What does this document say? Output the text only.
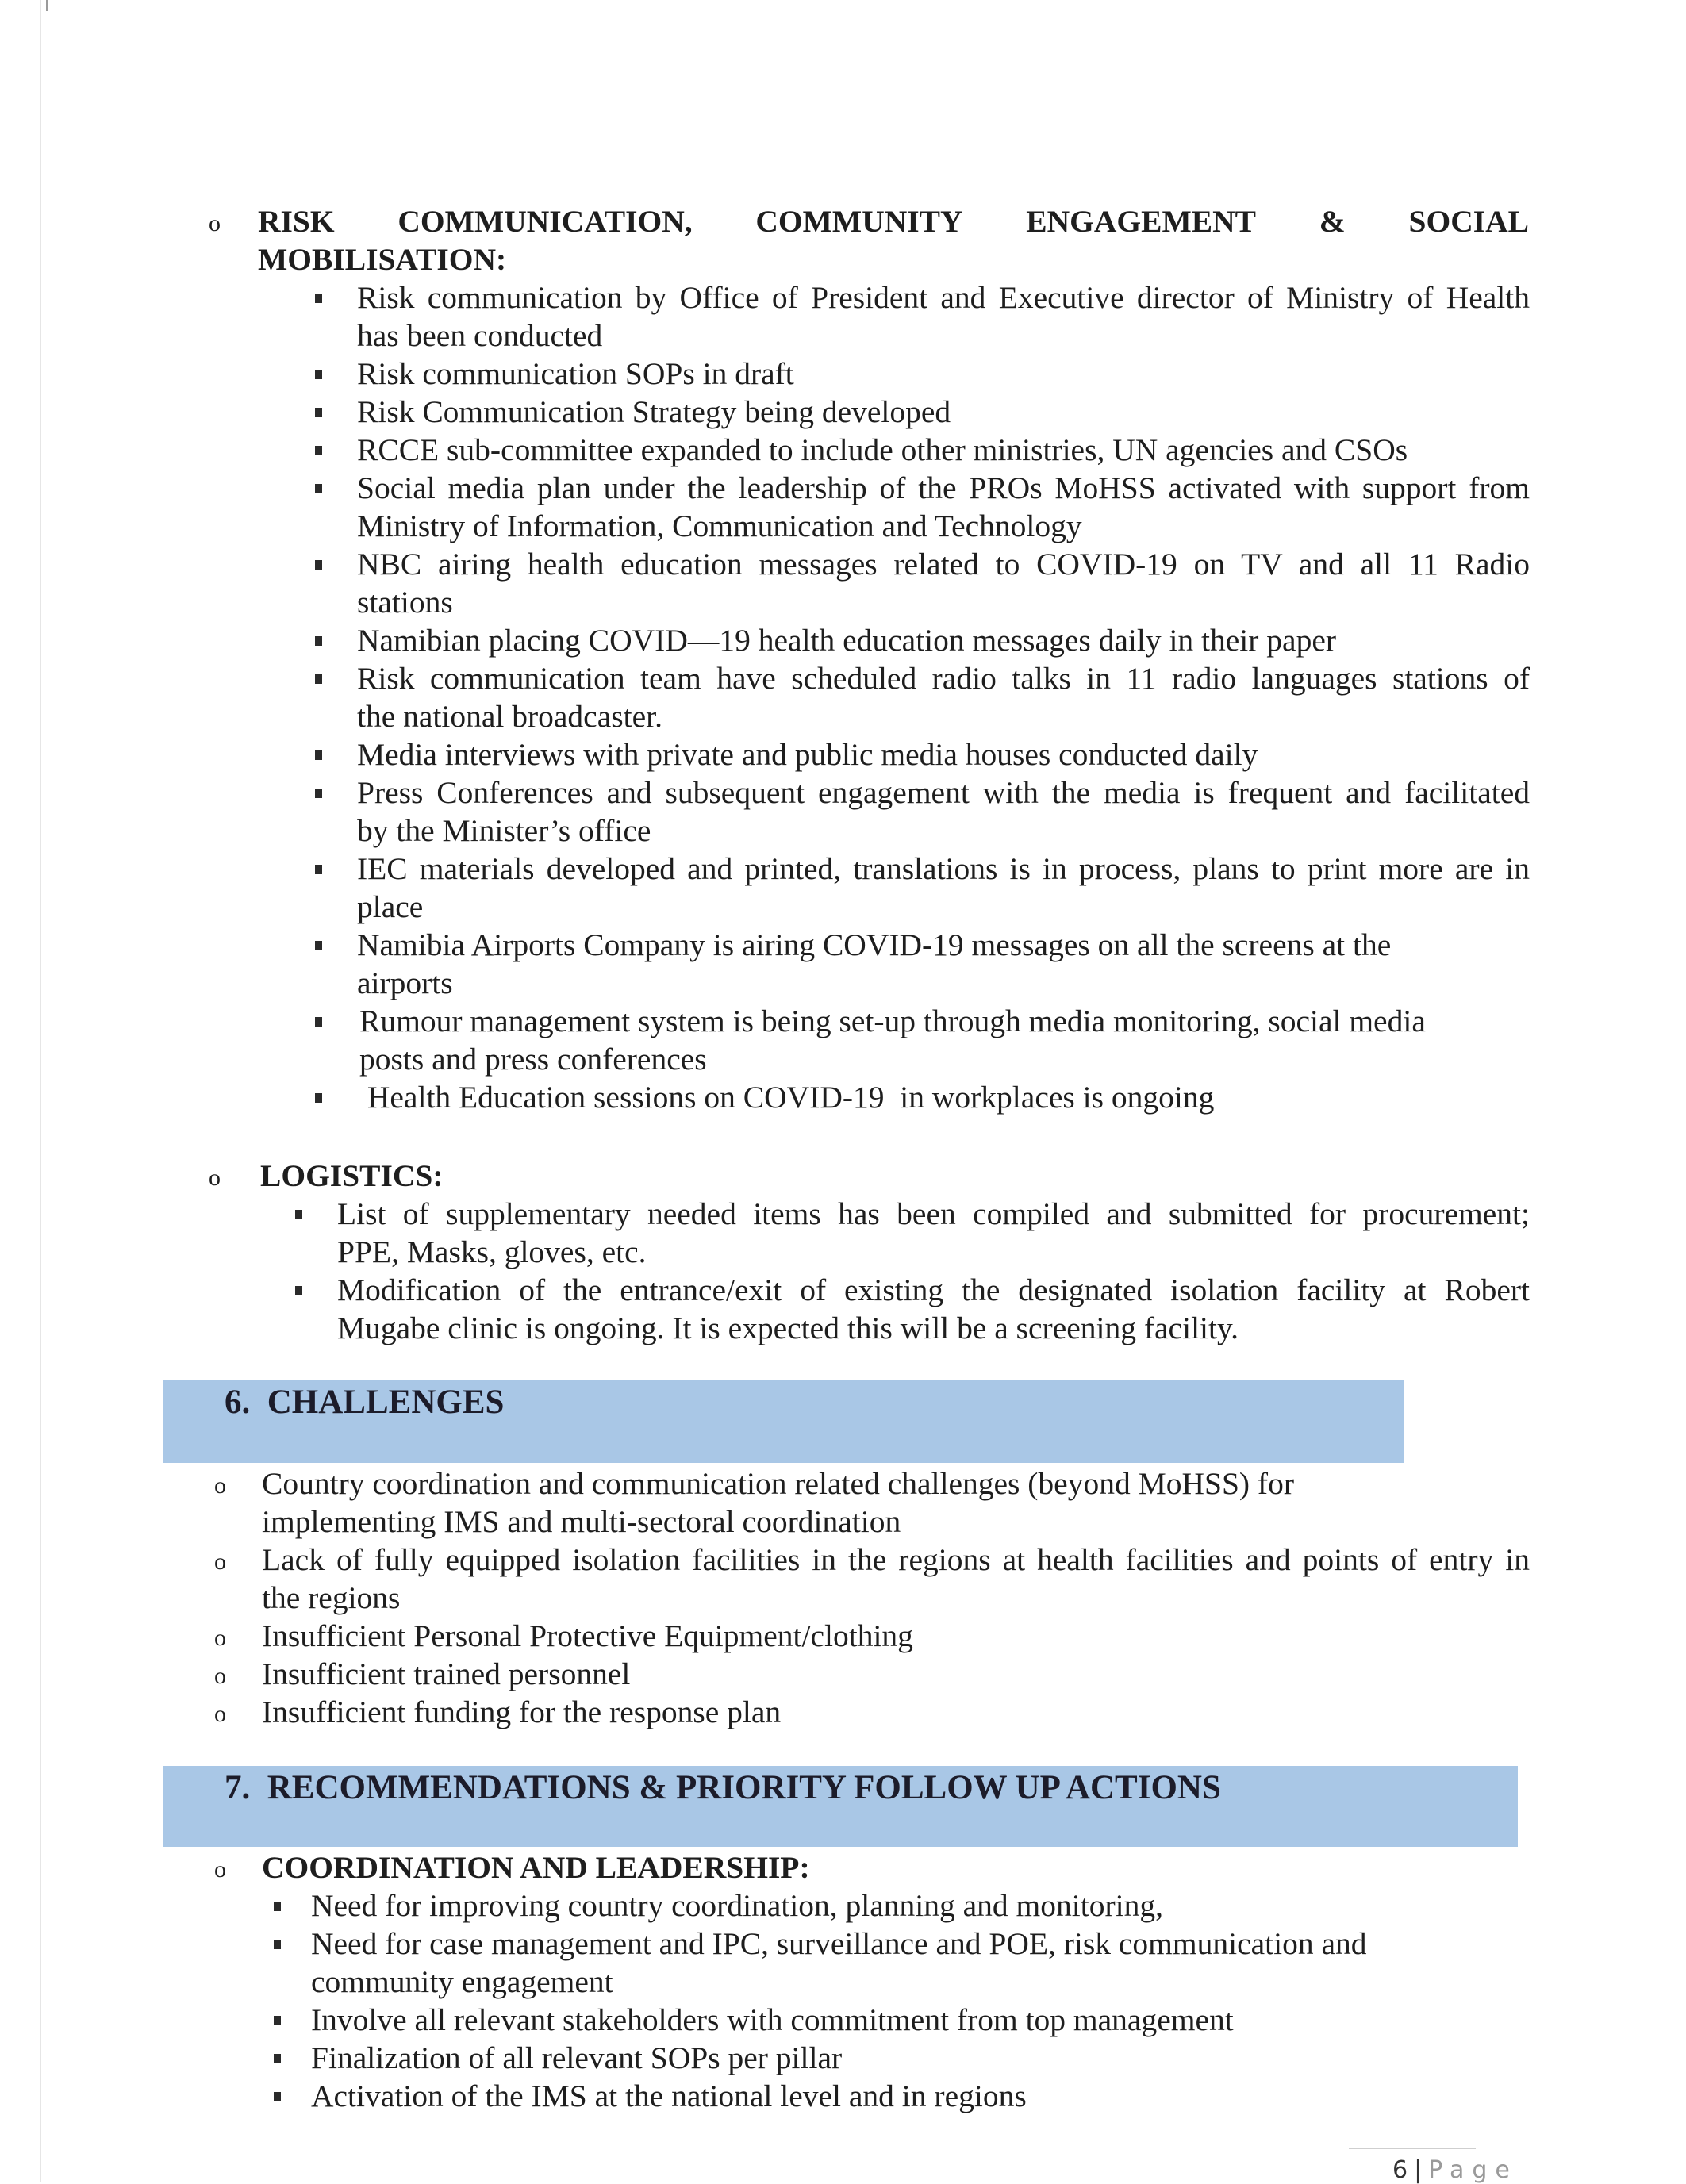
o RISK COMMUNICATION, COMMUNITY ENGAGEMENT & SOCIAL
MOBILISATION:
Risk communication by Office of President and Executive director of Ministry of Health
has been conducted
Risk communication SOPs in draft
Risk Communication Strategy being developed
RCCE sub-committee expanded to include other ministries, UN agencies and CSOs
Social media plan under the leadership of the PROs MoHSS activated with support from
Ministry of Information, Communication and Technology
NBC airing health education messages related to COVID-19 on TV and all 11 Radio
stations
Namibian placing COVID—19 health education messages daily in their paper
Risk communication team have scheduled radio talks in 11 radio languages stations of
the national broadcaster.
Media interviews with private and public media houses conducted daily
Press Conferences and subsequent engagement with the media is frequent and facilitated
by the Minister’s office
IEC materials developed and printed, translations is in process, plans to print more are in
place
Namibia Airports Company is airing COVID-19 messages on all the screens at the
airports
Rumour management system is being set-up through media monitoring, social media
posts and press conferences
Health Education sessions on COVID-19  in workplaces is ongoing
o LOGISTICS:
List of supplementary needed items has been compiled and submitted for procurement;
PPE, Masks, gloves, etc.
Modification of the entrance/exit of existing the designated isolation facility at Robert
Mugabe clinic is ongoing. It is expected this will be a screening facility.
6.  CHALLENGES
o Country coordination and communication related challenges (beyond MoHSS) for
implementing IMS and multi-sectoral coordination
o Lack of fully equipped isolation facilities in the regions at health facilities and points of entry in
the regions
o Insufficient Personal Protective Equipment/clothing
o Insufficient trained personnel
o Insufficient funding for the response plan
7.  RECOMMENDATIONS & PRIORITY FOLLOW UP ACTIONS
o COORDINATION AND LEADERSHIP:
Need for improving country coordination, planning and monitoring,
Need for case management and IPC, surveillance and POE, risk communication and
community engagement
Involve all relevant stakeholders with commitment from top management
Finalization of all relevant SOPs per pillar
Activation of the IMS at the national level and in regions
6 | Page
